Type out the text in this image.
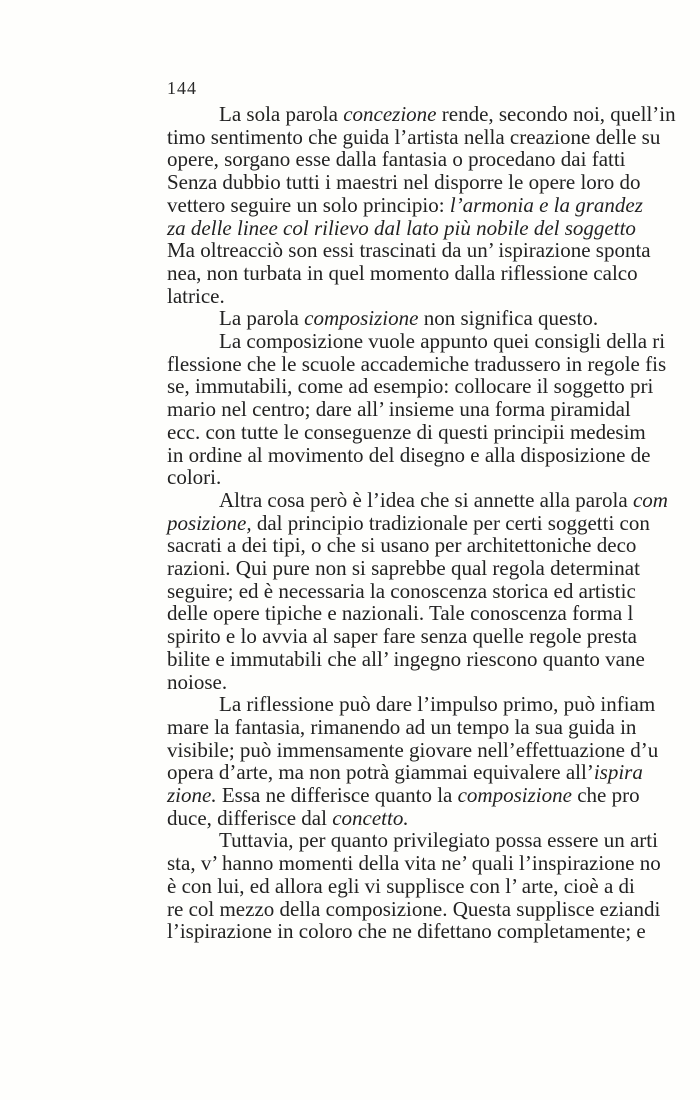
144
La sola parola concezione rende, secondo noi, quell’in
timo sentimento che guida l’artista nella creazione delle su
opere, sorgano esse dalla fantasia o procedano dai fatti
Senza dubbio tutti i maestri nel disporre le opere loro do
vettero seguire un solo principio: l’armonia e la grandez
za delle linee col rilievo dal lato più nobile del soggetto
Ma oltreacciò son essi trascinati da un’ ispirazione sponta
nea, non turbata in quel momento dalla riflessione calco
latrice.
La parola composizione non significa questo.
La composizione vuole appunto quei consigli della ri
flessione che le scuole accademiche tradussero in regole fis
se, immutabili, come ad esempio: collocare il soggetto pri
mario nel centro; dare all’ insieme una forma piramidal
ecc. con tutte le conseguenze di questi principii medesim
in ordine al movimento del disegno e alla disposizione de
colori.
Altra cosa però è l’idea che si annette alla parola com
posizione, dal principio tradizionale per certi soggetti con
sacrati a dei tipi, o che si usano per architettoniche deco
razioni. Qui pure non si saprebbe qual regola determinat
seguire; ed è necessaria la conoscenza storica ed artistic
delle opere tipiche e nazionali. Tale conoscenza forma l
spirito e lo avvia al saper fare senza quelle regole presta
bilite e immutabili che all’ ingegno riescono quanto vane
noiose.
La riflessione può dare l’impulso primo, può infiam
mare la fantasia, rimanendo ad un tempo la sua guida in
visibile; può immensamente giovare nell’effettuazione d’u
opera d’arte, ma non potrà giammai equivalere all’ispira
zione. Essa ne differisce quanto la composizione che pro
duce, differisce dal concetto.
Tuttavia, per quanto privilegiato possa essere un arti
sta, v’ hanno momenti della vita ne’ quali l’inspirazione no
è con lui, ed allora egli vi supplisce con l’ arte, cioè a di
re col mezzo della composizione. Questa supplisce eziandi
l’ispirazione in coloro che ne difettano completamente; e
